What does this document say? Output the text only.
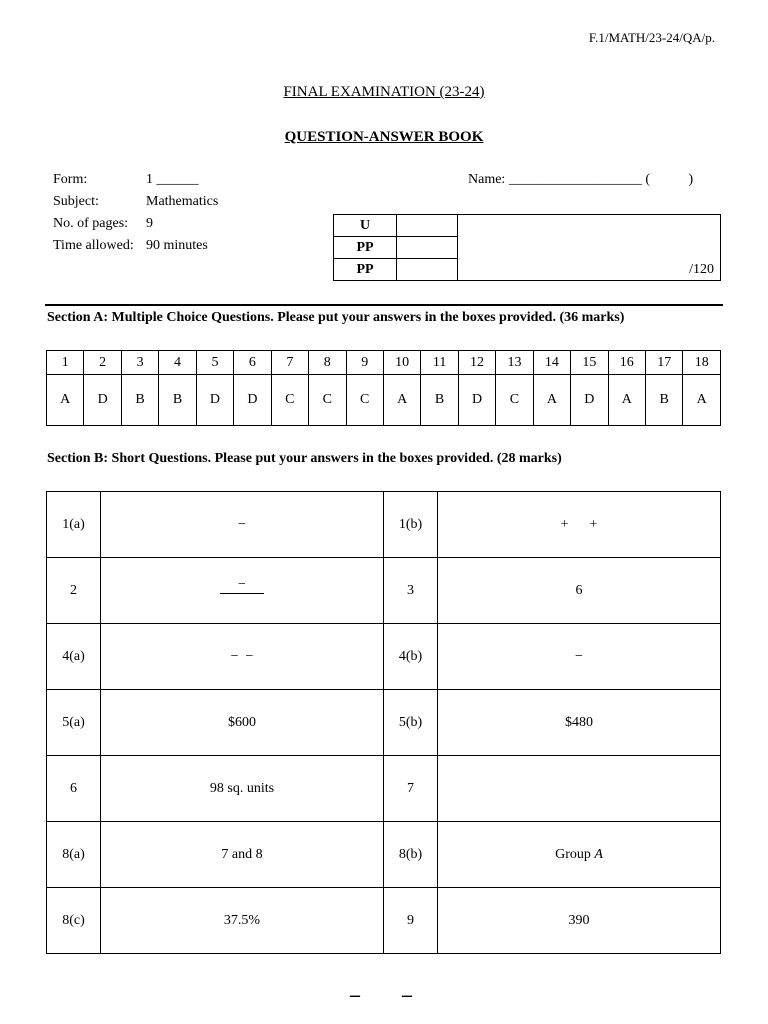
F.1/MATH/23-24/QA/p.
FINAL EXAMINATION (23-24)
QUESTION-ANSWER BOOK
Form:	1 ______
Subject:	Mathematics
No. of pages: 9
Time allowed: 90 minutes
Name: ___________________ (           )
U		/120
PP		
PP		
Section A: Multiple Choice Questions. Please put your answers in the boxes provided. (36 marks)
1	2	3	4	5	6	7	8	9	10	11	12	13	14	15	16	17	18
A	D	B	B	D	D	C	C	C	A	B	D	C	A	D	A	B	A
Section B: Short Questions. Please put your answers in the boxes provided. (28 marks)
1(a)	−	1(b)	+      +
2	−	3	6
4(a)	−  −	4(b)	−
5(a)	$600	5(b)	$480
6	98 sq. units	7	
8(a)	7 and 8	8(b)	Group A
8(c)	37.5%	9	390
– –
